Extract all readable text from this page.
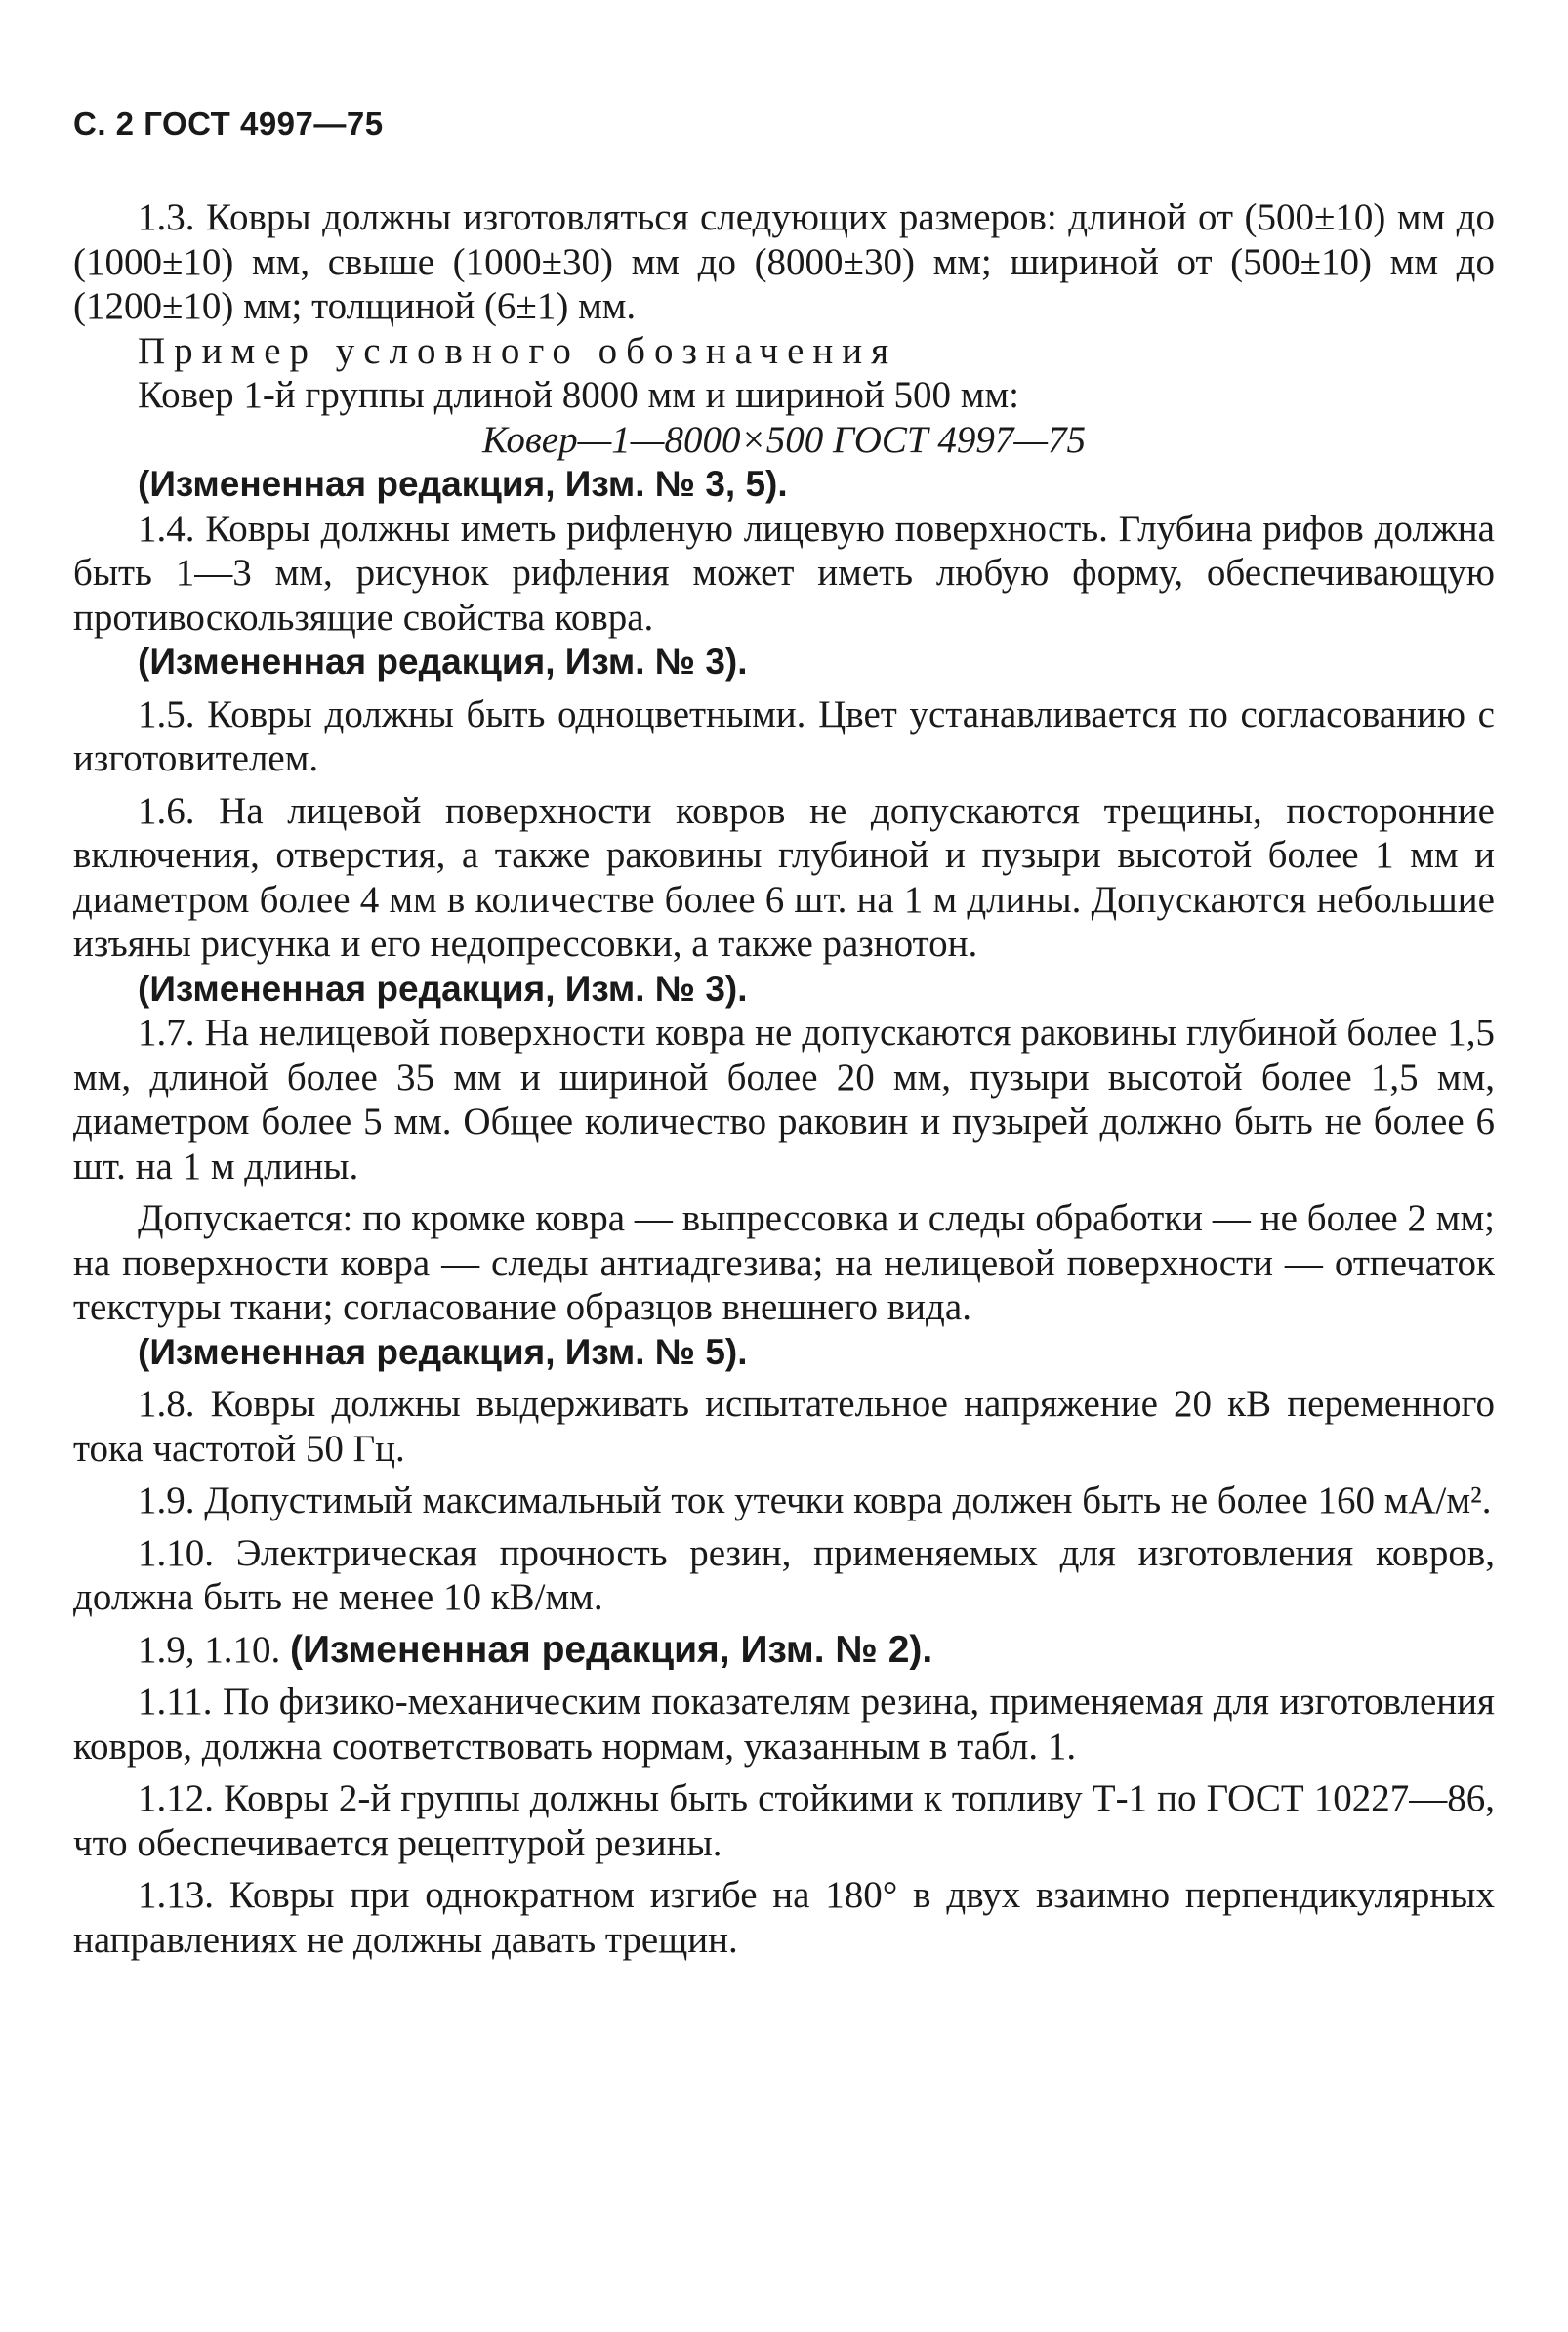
С. 2 ГОСТ 4997—75

1.3. Ковры должны изготовляться следующих размеров: длиной от (500±10) мм до (1000±10) мм, свыше (1000±30) мм до (8000±30) мм; шириной от (500±10) мм до (1200±10) мм; толщиной (6±1) мм.

Пример условного обозначения

Ковер 1-й группы длиной 8000 мм и шириной 500 мм:

Ковер—1—8000×500 ГОСТ 4997—75

(Измененная редакция, Изм. № 3, 5).

1.4. Ковры должны иметь рифленую лицевую поверхность. Глубина рифов должна быть 1—3 мм, рисунок рифления может иметь любую форму, обеспечивающую противоскользящие свойства ковра.

(Измененная редакция, Изм. № 3).

1.5. Ковры должны быть одноцветными. Цвет устанавливается по согласованию с изготовителем.

1.6. На лицевой поверхности ковров не допускаются трещины, посторонние включения, отверстия, а также раковины глубиной и пузыри высотой более 1 мм и диаметром более 4 мм в количестве более 6 шт. на 1 м длины. Допускаются небольшие изъяны рисунка и его недопрессовки, а также разнотон.

(Измененная редакция, Изм. № 3).

1.7. На нелицевой поверхности ковра не допускаются раковины глубиной более 1,5 мм, длиной более 35 мм и шириной более 20 мм, пузыри высотой более 1,5 мм, диаметром более 5 мм. Общее количество раковин и пузырей должно быть не более 6 шт. на 1 м длины.

Допускается: по кромке ковра — выпрессовка и следы обработки — не более 2 мм; на поверхности ковра — следы антиадгезива; на нелицевой поверхности — отпечаток текстуры ткани; согласование образцов внешнего вида.

(Измененная редакция, Изм. № 5).

1.8. Ковры должны выдерживать испытательное напряжение 20 кВ переменного тока частотой 50 Гц.

1.9. Допустимый максимальный ток утечки ковра должен быть не более 160 мА/м².

1.10. Электрическая прочность резин, применяемых для изготовления ковров, должна быть не менее 10 кВ/мм.

1.9, 1.10. (Измененная редакция, Изм. № 2).

1.11. По физико-механическим показателям резина, применяемая для изготовления ковров, должна соответствовать нормам, указанным в табл. 1.

1.12. Ковры 2-й группы должны быть стойкими к топливу Т-1 по ГОСТ 10227—86, что обеспечивается рецептурой резины.

1.13. Ковры при однократном изгибе на 180° в двух взаимно перпендикулярных направлениях не должны давать трещин.
